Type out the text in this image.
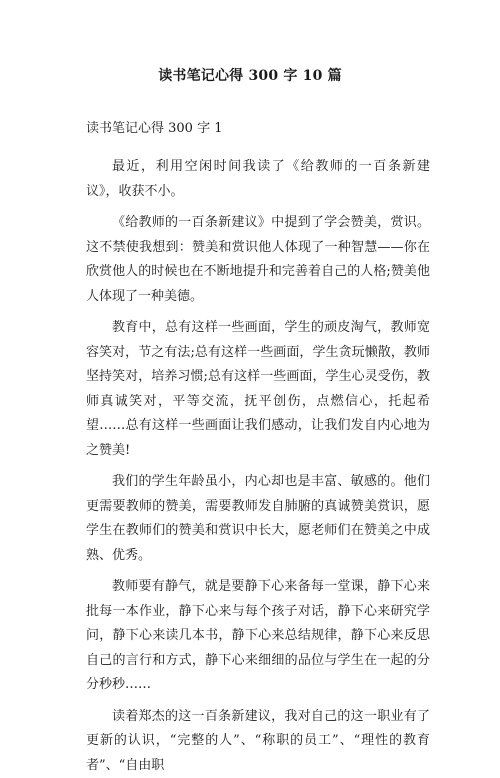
读书笔记心得 300 字 10 篇
读书笔记心得 300 字 1

最近，利用空闲时间我读了《给教师的一百条新建议》，收获不小。

《给教师的一百条新建议》中提到了学会赞美，赏识。这不禁使我想到：赞美和赏识他人体现了一种智慧——你在欣赏他人的时候也在不断地提升和完善着自己的人格;赞美他人体现了一种美德。

教育中，总有这样一些画面，学生的顽皮淘气，教师宽容笑对，节之有法;总有这样一些画面，学生贪玩懒散，教师坚持笑对，培养习惯;总有这样一些画面，学生心灵受伤，教师真诚笑对，平等交流，抚平创伤，点燃信心，托起希望……总有这样一些画面让我们感动，让我们发自内心地为之赞美!

我们的学生年龄虽小，内心却也是丰富、敏感的。他们更需要教师的赞美，需要教师发自肺腑的真诚赞美赏识，愿学生在教师们的赞美和赏识中长大，愿老师们在赞美之中成熟、优秀。

教师要有静气，就是要静下心来备每一堂课，静下心来批每一本作业，静下心来与每个孩子对话，静下心来研究学问，静下心来读几本书，静下心来总结规律，静下心来反思自己的言行和方式，静下心来细细的品位与学生在一起的分分秒秒……

读着郑杰的这一百条新建议，我对自己的这一职业有了更新的认识，“完整的人”、“称职的员工”、“理性的教育者”、“自由职
